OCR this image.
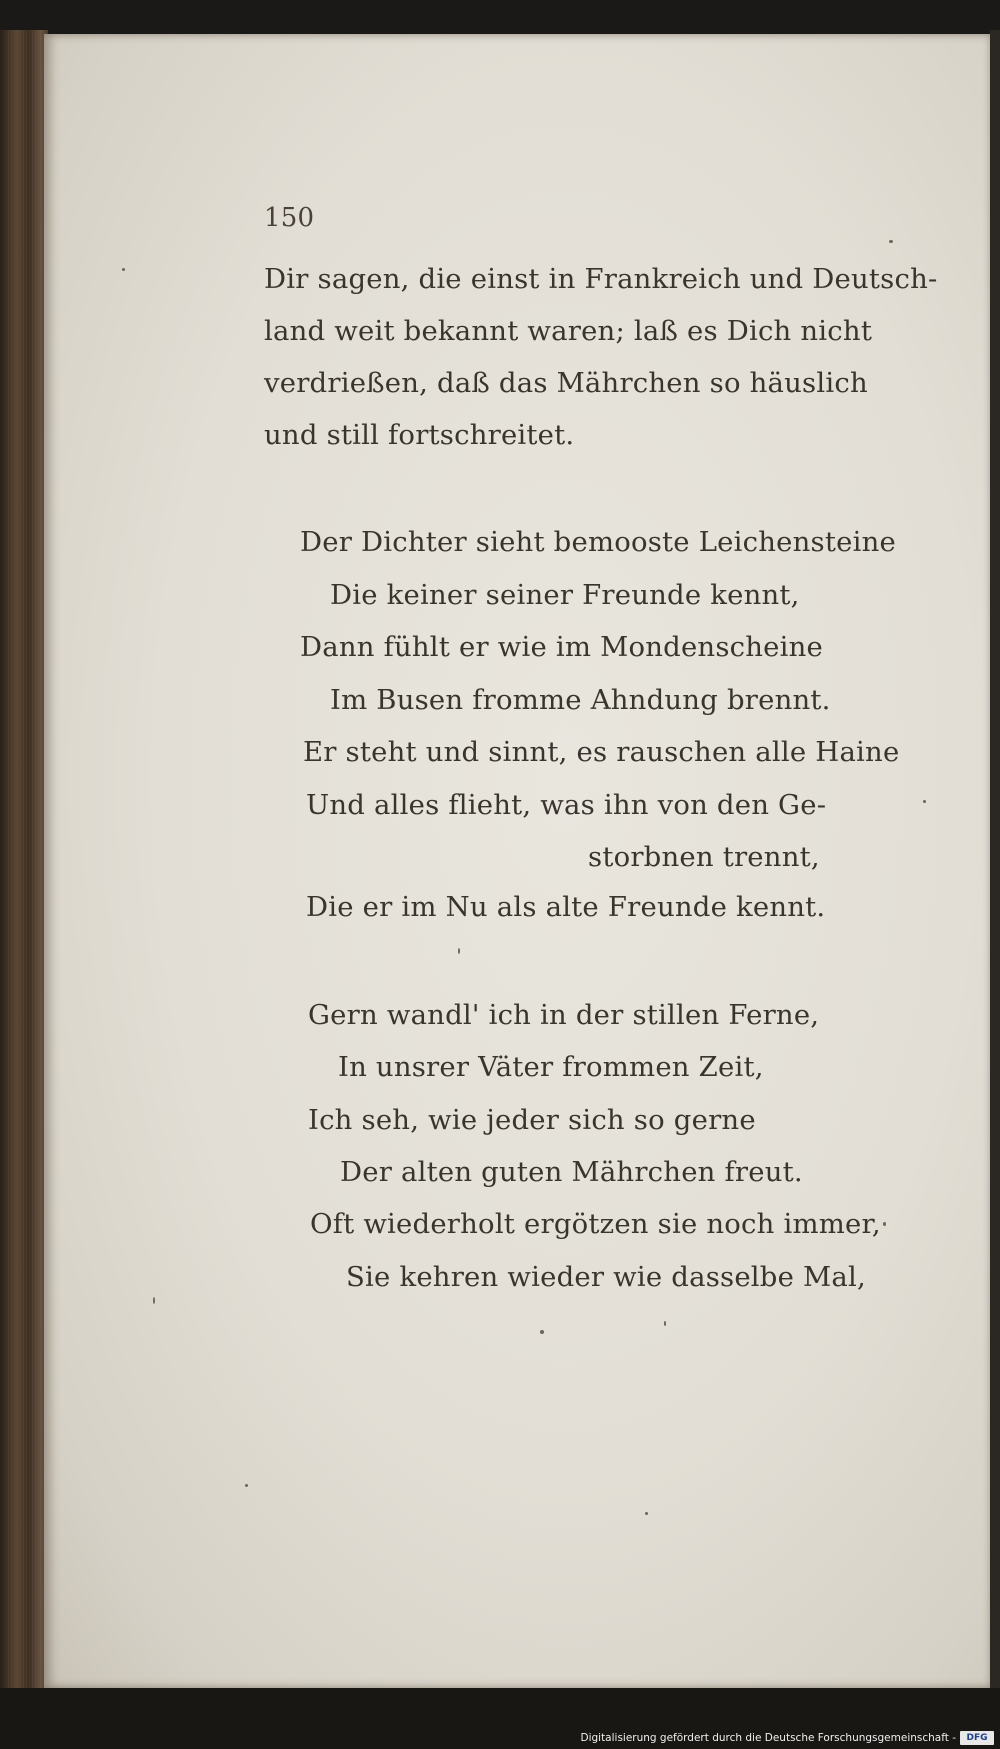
150
Dir sagen, die einst in Frankreich und Deutsch-
land weit bekannt waren; laß es Dich nicht
verdrießen, daß das Mährchen so häuslich
und still fortschreitet.
Der Dichter sieht bemooste Leichensteine
Die keiner seiner Freunde kennt,
Dann fühlt er wie im Mondenscheine
Im Busen fromme Ahndung brennt.
Er steht und sinnt, es rauschen alle Haine
Und alles flieht, was ihn von den Ge-
storbnen trennt,
Die er im Nu als alte Freunde kennt.
Gern wandl' ich in der stillen Ferne,
In unsrer Väter frommen Zeit,
Ich seh, wie jeder sich so gerne
Der alten guten Mährchen freut.
Oft wiederholt ergötzen sie noch immer,
Sie kehren wieder wie dasselbe Mal,
Digitalisierung gefördert durch die Deutsche Forschungsgemeinschaft -	DFG
